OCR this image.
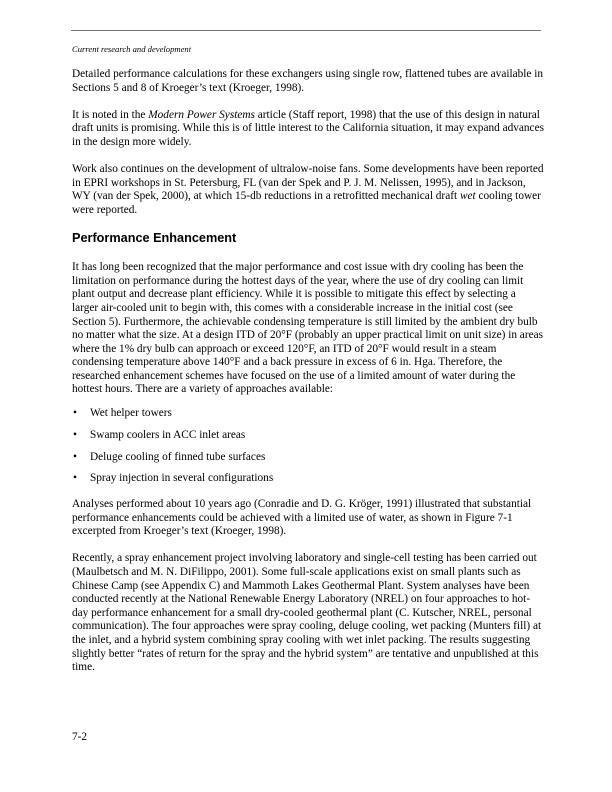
Current research and development

Detailed performance calculations for these exchangers using single row, flattened tubes are available in Sections 5 and 8 of Kroeger’s text (Kroeger, 1998).

It is noted in the Modern Power Systems article (Staff report, 1998) that the use of this design in natural draft units is promising. While this is of little interest to the California situation, it may expand advances in the design more widely.

Work also continues on the development of ultralow-noise fans. Some developments have been reported in EPRI workshops in St. Petersburg, FL (van der Spek and P. J. M. Nelissen, 1995), and in Jackson, WY (van der Spek, 2000), at which 15-db reductions in a retrofitted mechanical draft wet cooling tower were reported.

Performance Enhancement

It has long been recognized that the major performance and cost issue with dry cooling has been the limitation on performance during the hottest days of the year, where the use of dry cooling can limit plant output and decrease plant efficiency. While it is possible to mitigate this effect by selecting a larger air-cooled unit to begin with, this comes with a considerable increase in the initial cost (see Section 5). Furthermore, the achievable condensing temperature is still limited by the ambient dry bulb no matter what the size. At a design ITD of 20°F (probably an upper practical limit on unit size) in areas where the 1% dry bulb can approach or exceed 120°F, an ITD of 20°F would result in a steam condensing temperature above 140°F and a back pressure in excess of 6 in. Hga. Therefore, the researched enhancement schemes have focused on the use of a limited amount of water during the hottest hours. There are a variety of approaches available:

• Wet helper towers
• Swamp coolers in ACC inlet areas
• Deluge cooling of finned tube surfaces
• Spray injection in several configurations

Analyses performed about 10 years ago (Conradie and D. G. Kröger, 1991) illustrated that substantial performance enhancements could be achieved with a limited use of water, as shown in Figure 7-1 excerpted from Kroeger’s text (Kroeger, 1998).

Recently, a spray enhancement project involving laboratory and single-cell testing has been carried out (Maulbetsch and M. N. DiFilippo, 2001). Some full-scale applications exist on small plants such as Chinese Camp (see Appendix C) and Mammoth Lakes Geothermal Plant. System analyses have been conducted recently at the National Renewable Energy Laboratory (NREL) on four approaches to hot-day performance enhancement for a small dry-cooled geothermal plant (C. Kutscher, NREL, personal communication). The four approaches were spray cooling, deluge cooling, wet packing (Munters fill) at the inlet, and a hybrid system combining spray cooling with wet inlet packing. The results suggesting slightly better “rates of return for the spray and the hybrid system” are tentative and unpublished at this time.

7-2
